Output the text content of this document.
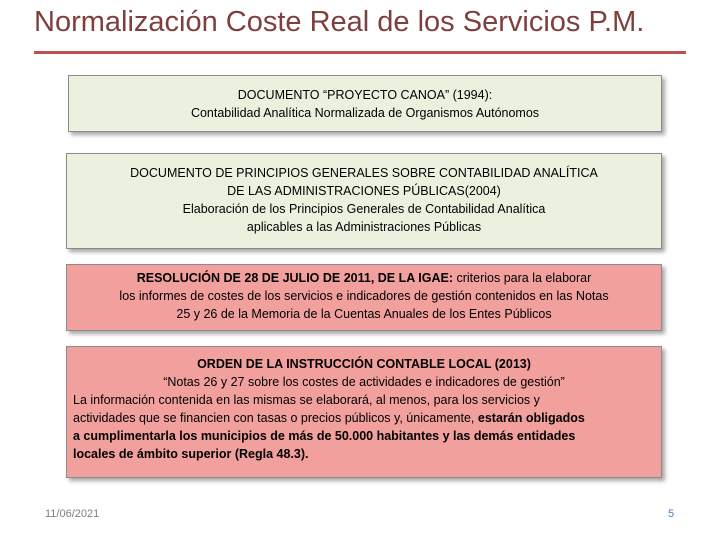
Normalización Coste Real de los Servicios P.M.
DOCUMENTO “PROYECTO CANOA” (1994):
Contabilidad Analítica Normalizada de Organismos Autónomos
DOCUMENTO DE PRINCIPIOS GENERALES SOBRE CONTABILIDAD ANALÍTICA
DE LAS ADMINISTRACIONES PÚBLICAS(2004)
Elaboración de los Principios Generales de Contabilidad Analítica
aplicables a las Administraciones Públicas
RESOLUCIÓN DE 28 DE JULIO DE 2011, DE LA IGAE: criterios para la elaborar
los informes de costes de los servicios e indicadores de gestión contenidos en las Notas
25 y 26 de la Memoria de la Cuentas Anuales de los Entes Públicos
ORDEN DE LA INSTRUCCIÓN CONTABLE LOCAL (2013)
“Notas 26 y 27 sobre los costes de actividades e indicadores de gestión”
La información contenida en las mismas se elaborará, al menos, para los servicios y
actividades que se financien con tasas o precios públicos y, únicamente, estarán obligados
a cumplimentarla los municipios de más de 50.000 habitantes y las demás entidades
locales de ámbito superior (Regla 48.3).
11/06/2021	5
